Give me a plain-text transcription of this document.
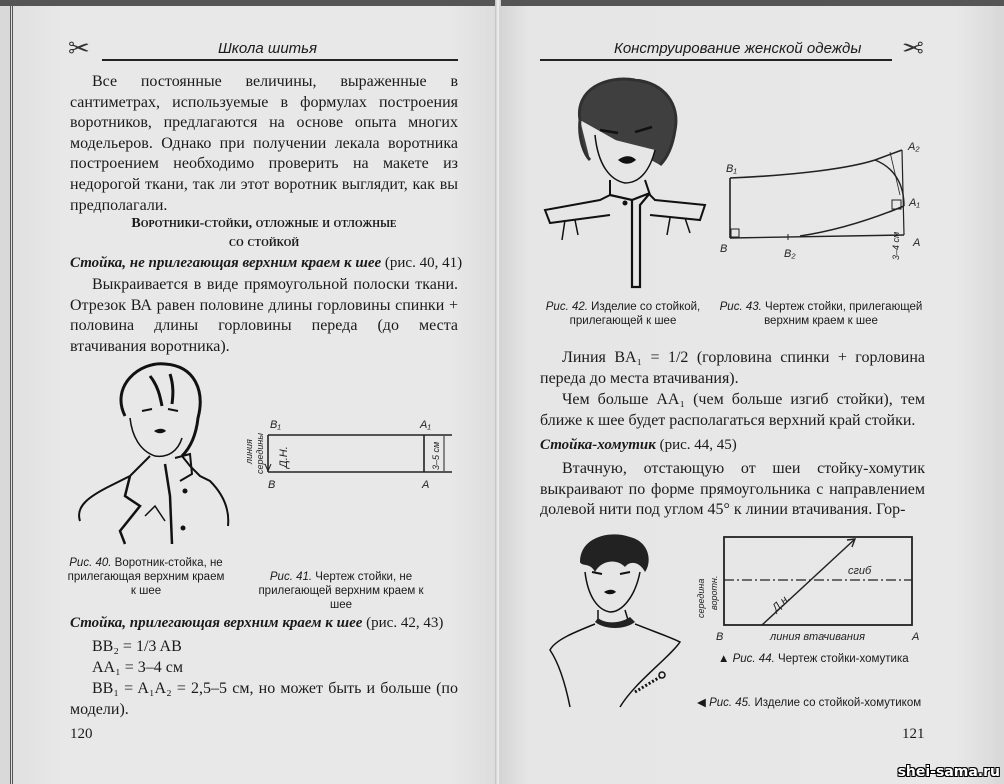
✂	Школа шитья
Все постоянные величины, выраженные в сантиметрах, используемые в формулах построения воротников, предлагаются на основе опыта многих модельеров. Однако при получении лекала воротника построением необходимо проверить на макете из недорогой ткани, так ли этот воротник выглядит, как вы предполагали.
Воротники-стойки, отложные и отложные
со стойкой
Стойка, не прилегающая верхним краем к шее (рис. 40, 41)
Выкраивается в виде прямоугольной полоски ткани. Отрезок ВА равен половине длины горловины спинки + половина длины горловины переда (до места втачивания воротника).
B₁	A₁
B	A
Д.Н.	3–5 см
линия середины
Рис. 40. Воротник-стойка, не прилегающая верхним краем к шее
Рис. 41. Чертеж стойки, не прилегающей верхним краем к шее
Стойка, прилегающая верхним краем к шее (рис. 42, 43)
BB₂ = 1/3 AB
AA₁ = 3–4 см
BB₁ = A₁A₂ = 2,5–5 см, но может быть и больше (по модели).
120
Конструирование женской одежды ✂
B₁
A₂
A₁
B	B₂
A
3–4 см
Рис. 42. Изделие со стойкой, прилегающей к шее
Рис. 43. Чертеж стойки, прилегающей верхним краем к шее
Линия BA₁ = 1/2 (горловина спинки + горловина переда до места втачивания).
Чем больше AA₁ (чем больше изгиб стойки), тем ближе к шее будет располагаться верхний край стойки.
Стойка-хомутик (рис. 44, 45)
Втачную, отстающую от шеи стойку-хомутик выкраивают по форме прямоугольника с направлением долевой нити под углом 45° к линии втачивания. Гор-
сгиб
Д.н.
середина воротн.
B	A
линия втачивания
▲ Рис. 44. Чертеж стойки-хомутика
◀ Рис. 45. Изделие со стойкой-хомутиком
121
shei-sama.ru
